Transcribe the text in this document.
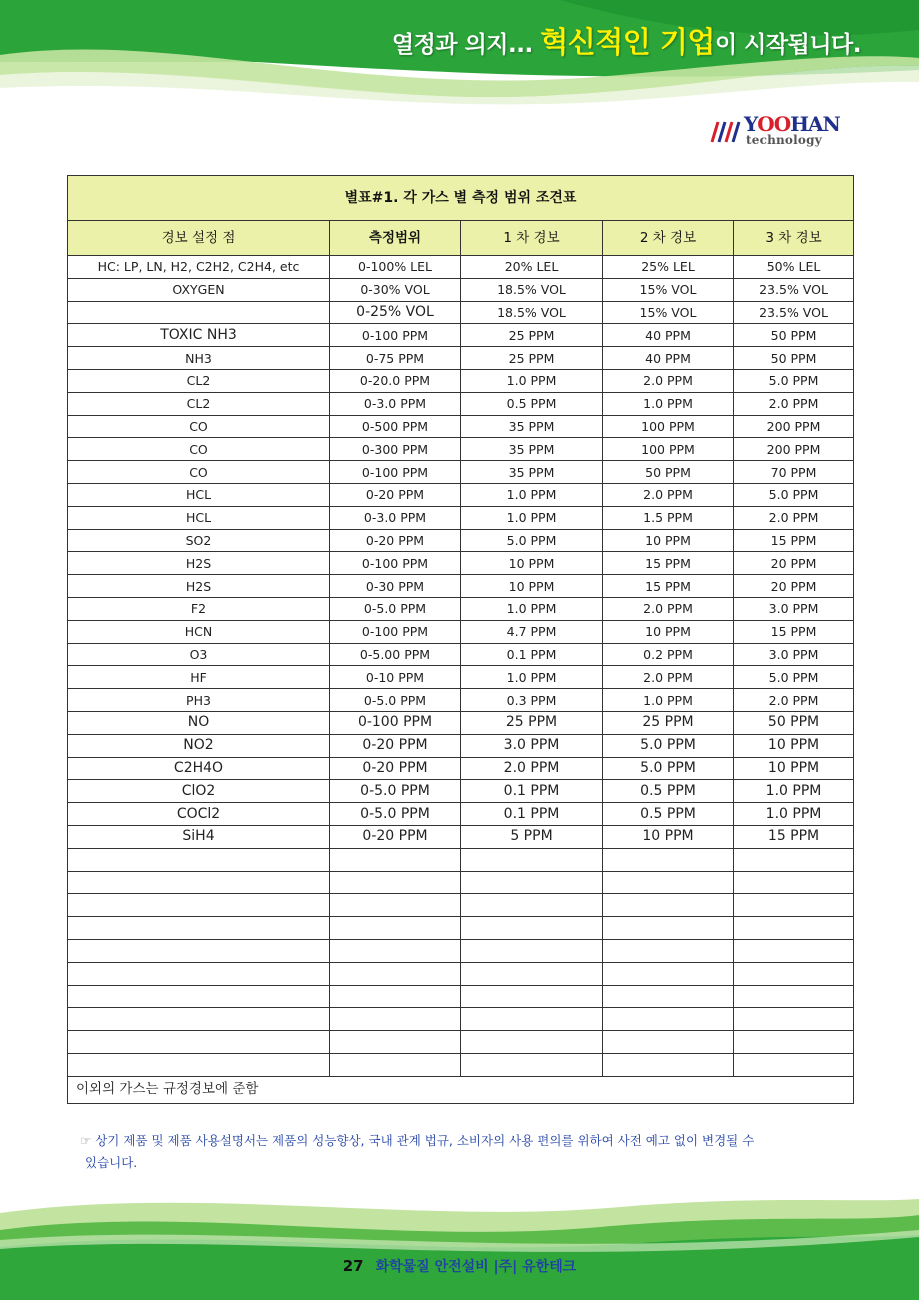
열정과 의지... 혁신적인 기업이 시작됩니다.
YOOHAN
technology
별표#1. 각 가스 별 측정 범위 조견표				
경보 설정 점	측정범위	1 차 경보	2 차 경보	3 차 경보
HC: LP, LN, H2, C2H2, C2H4, etc	0-100% LEL	20% LEL	25% LEL	50% LEL
OXYGEN	0-30% VOL	18.5% VOL	15% VOL	23.5% VOL
	0-25% VOL	18.5% VOL	15% VOL	23.5% VOL
TOXIC NH3	0-100 PPM	25 PPM	40 PPM	50 PPM
NH3	0-75 PPM	25 PPM	40 PPM	50 PPM
CL2	0-20.0 PPM	1.0 PPM	2.0 PPM	5.0 PPM
CL2	0-3.0 PPM	0.5 PPM	1.0 PPM	2.0 PPM
CO	0-500 PPM	35 PPM	100 PPM	200 PPM
CO	0-300 PPM	35 PPM	100 PPM	200 PPM
CO	0-100 PPM	35 PPM	50 PPM	70 PPM
HCL	0-20 PPM	1.0 PPM	2.0 PPM	5.0 PPM
HCL	0-3.0 PPM	1.0 PPM	1.5 PPM	2.0 PPM
SO2	0-20 PPM	5.0 PPM	10 PPM	15 PPM
H2S	0-100 PPM	10 PPM	15 PPM	20 PPM
H2S	0-30 PPM	10 PPM	15 PPM	20 PPM
F2	0-5.0 PPM	1.0 PPM	2.0 PPM	3.0 PPM
HCN	0-100 PPM	4.7 PPM	10 PPM	15 PPM
O3	0-5.00 PPM	0.1 PPM	0.2 PPM	3.0 PPM
HF	0-10 PPM	1.0 PPM	2.0 PPM	5.0 PPM
PH3	0-5.0 PPM	0.3 PPM	1.0 PPM	2.0 PPM
NO	0-100 PPM	25 PPM	25 PPM	50 PPM
NO2	0-20 PPM	3.0 PPM	5.0 PPM	10 PPM
C2H4O	0-20 PPM	2.0 PPM	5.0 PPM	10 PPM
ClO2	0-5.0 PPM	0.1 PPM	0.5 PPM	1.0 PPM
COCl2	0-5.0 PPM	0.1 PPM	0.5 PPM	1.0 PPM
SiH4	0-20 PPM	5 PPM	10 PPM	15 PPM

이외의 가스는 규정경보에 준함				
☞ 상기 제품 및 제품 사용설명서는 제품의 성능향상, 국내 관계 법규, 소비자의 사용 편의를 위하여 사전 예고 없이 변경될 수
있습니다.
27 화학물질 안전설비 |주| 유한테크
